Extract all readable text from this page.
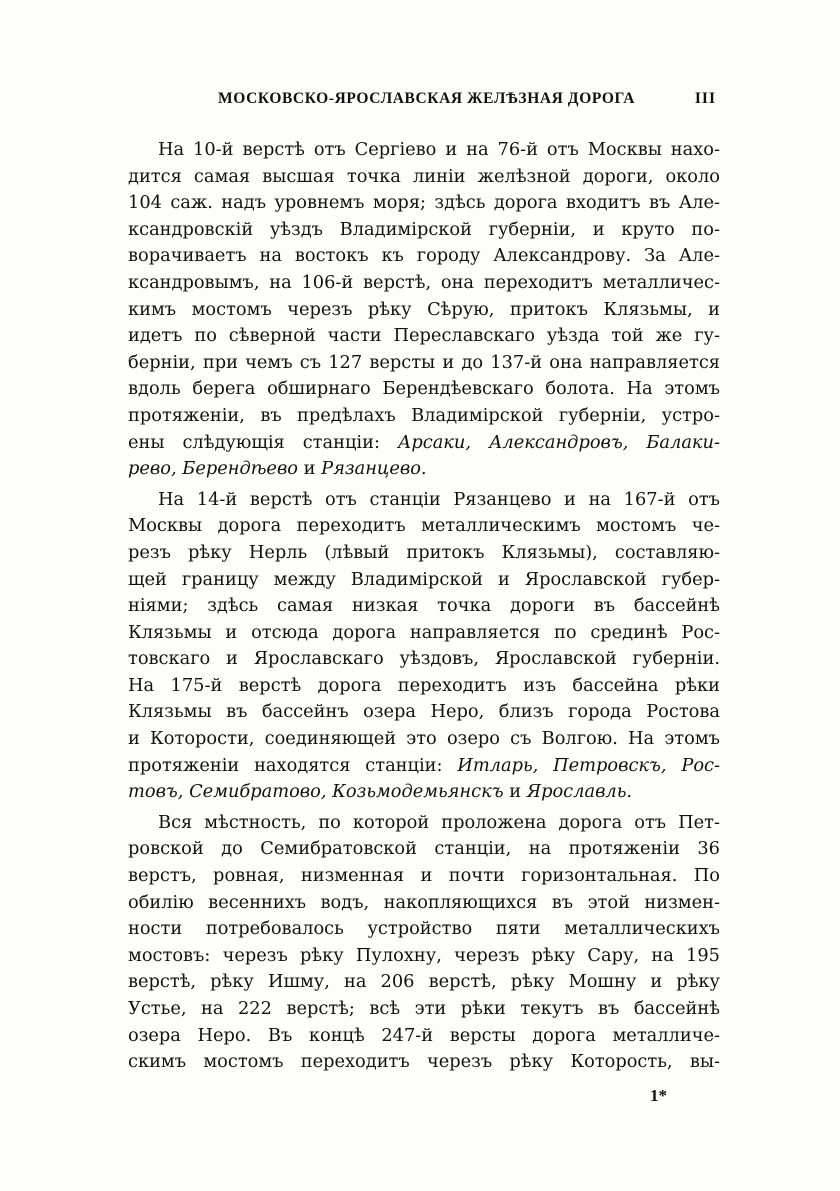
МОСКОВСКО-ЯРОСЛАВСКАЯ ЖЕЛѢЗНАЯ ДОРОГА	III
На 10-й верстѣ отъ Сергіево и на 76-й отъ Москвы нахо-
дится самая высшая точка линіи желѣзной дороги, около
104 саж. надъ уровнемъ моря; здѣсь дорога входитъ въ Але-
ксандровскій уѣздъ Владимірской губерніи, и круто по-
ворачиваетъ на востокъ къ городу Александрову. За Але-
ксандровымъ, на 106-й верстѣ, она переходитъ металличес-
кимъ мостомъ черезъ рѣку Сѣрую, притокъ Клязьмы, и
идетъ по сѣверной части Переславскаго уѣзда той же гу-
берніи, при чемъ съ 127 версты и до 137-й она направляется
вдоль берега обширнаго Берендѣевскаго болота. На этомъ
протяженіи, въ предѣлахъ Владимірской губерніи, устро-
ены слѣдующія станціи: Арсаки, Александровъ, Балаки-
рево, Берендѣево и Рязанцево.
На 14-й верстѣ отъ станціи Рязанцево и на 167-й отъ
Москвы дорога переходитъ металлическимъ мостомъ че-
резъ рѣку Нерль (лѣвый притокъ Клязьмы), составляю-
щей границу между Владимірской и Ярославской губер-
ніями; здѣсь самая низкая точка дороги въ бассейнѣ
Клязьмы и отсюда дорога направляется по срединѣ Рос-
товскаго и Ярославскаго уѣздовъ, Ярославской губерніи.
На 175-й верстѣ дорога переходитъ изъ бассейна рѣки
Клязьмы въ бассейнъ озера Неро, близъ города Ростова
и Которости, соединяющей это озеро съ Волгою. На этомъ
протяженіи находятся станціи: Итларь, Петровскъ, Рос-
товъ, Семибратово, Козьмодемьянскъ и Ярославль.
Вся мѣстность, по которой проложена дорога отъ Пет-
ровской до Семибратовской станціи, на протяженіи 36
верстъ, ровная, низменная и почти горизонтальная. По
обилію весеннихъ водъ, накопляющихся въ этой низмен-
ности потребовалось устройство пяти металлическихъ
мостовъ: черезъ рѣку Пулохну, черезъ рѣку Сару, на 195
верстѣ, рѣку Ишму, на 206 верстѣ, рѣку Мошну и рѣку
Устье, на 222 верстѣ; всѣ эти рѣки текутъ въ бассейнѣ
озера Неро. Въ концѣ 247-й версты дорога металличе-
скимъ мостомъ переходитъ черезъ рѣку Которость, вы-
1*
